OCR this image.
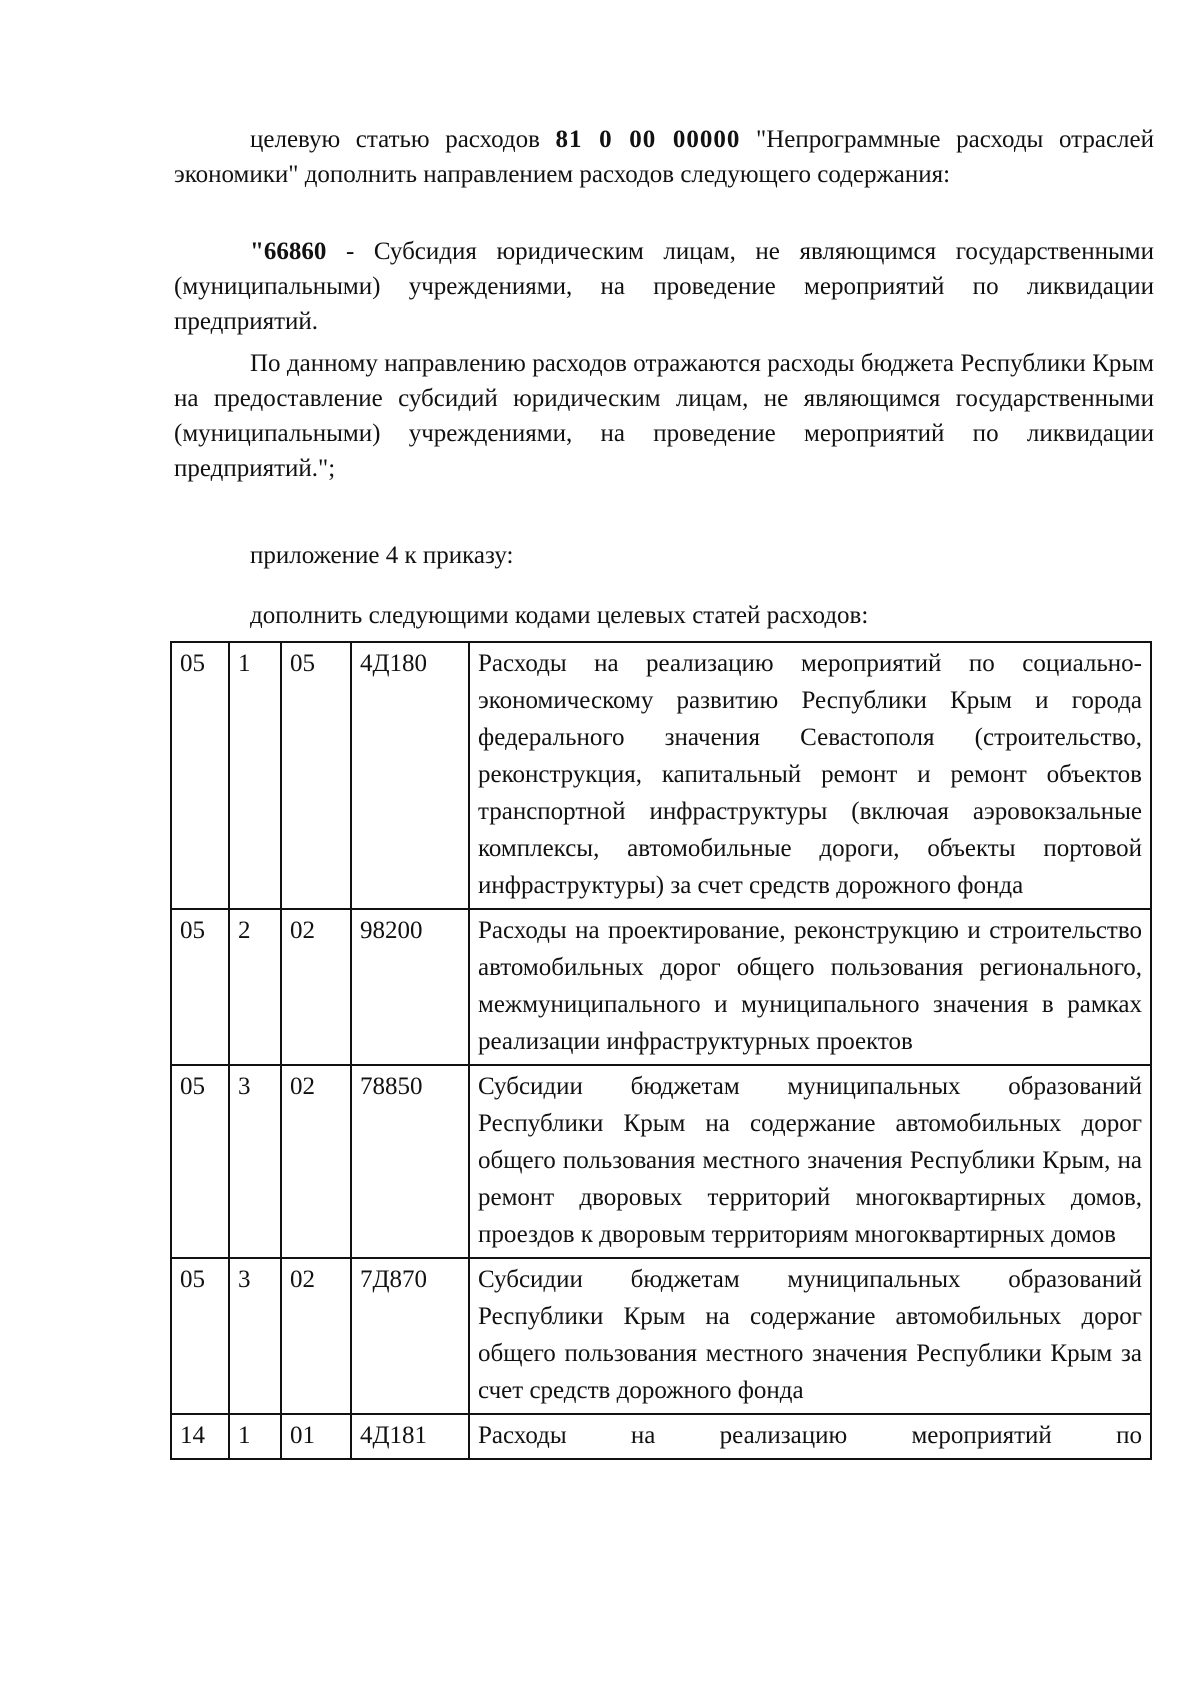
целевую статью расходов 81 0 00 00000 "Непрограммные расходы отраслей экономики" дополнить направлением расходов следующего содержания:

"66860 - Субсидия юридическим лицам, не являющимся государственными (муниципальными) учреждениями, на проведение мероприятий по ликвидации предприятий.

По данному направлению расходов отражаются расходы бюджета Республики Крым на предоставление субсидий юридическим лицам, не являющимся государственными (муниципальными) учреждениями, на проведение мероприятий по ликвидации предприятий.";

приложение 4 к приказу:

дополнить следующими кодами целевых статей расходов:

05	1	05	4Д180	Расходы на реализацию мероприятий по социально-экономическому развитию Республики Крым и города федерального значения Севастополя (строительство, реконструкция, капитальный ремонт и ремонт объектов транспортной инфраструктуры (включая аэровокзальные комплексы, автомобильные дороги, объекты портовой инфраструктуры) за счет средств дорожного фонда
05	2	02	98200	Расходы на проектирование, реконструкцию и строительство автомобильных дорог общего пользования регионального, межмуниципального и муниципального значения в рамках реализации инфраструктурных проектов
05	3	02	78850	Субсидии бюджетам муниципальных образований Республики Крым на содержание автомобильных дорог общего пользования местного значения Республики Крым, на ремонт дворовых территорий многоквартирных домов, проездов к дворовым территориям многоквартирных домов
05	3	02	7Д870	Субсидии бюджетам муниципальных образований Республики Крым на содержание автомобильных дорог общего пользования местного значения Республики Крым за счет средств дорожного фонда
14	1	01	4Д181	Расходы на реализацию мероприятий по
